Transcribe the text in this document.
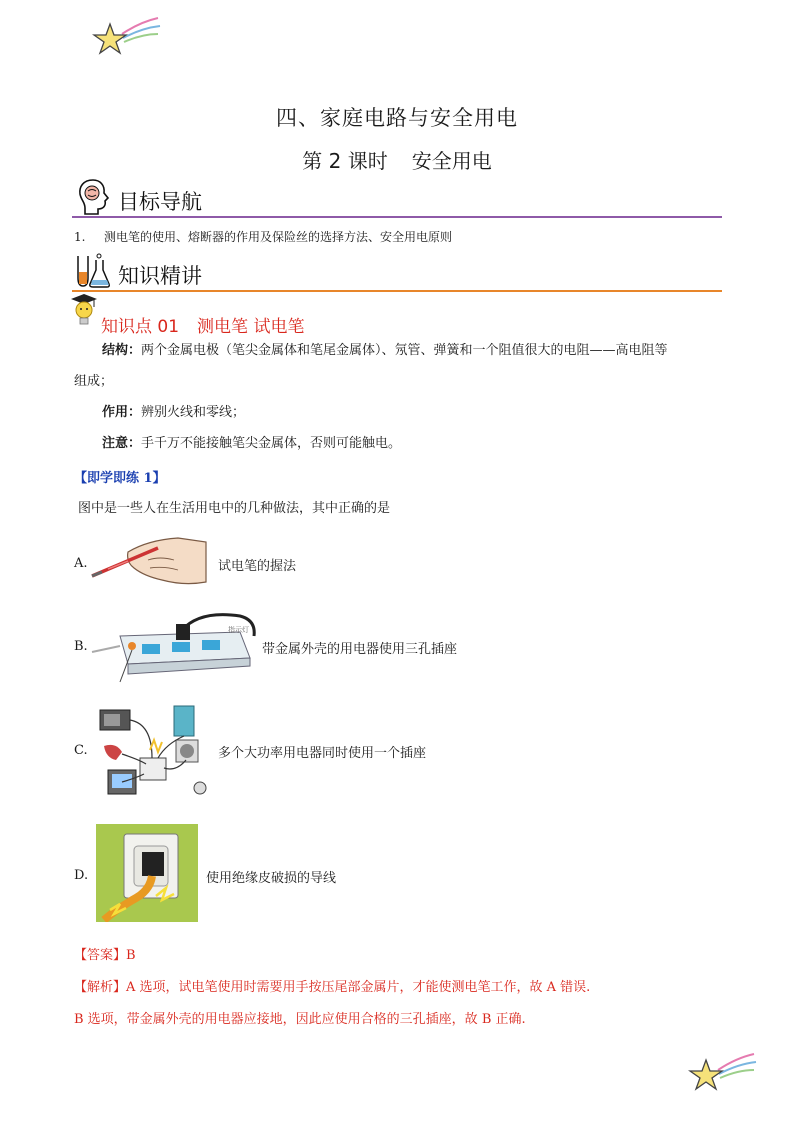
四、家庭电路与安全用电
第 2 课时 安全用电
目标导航
1. 测电笔的使用、熔断器的作用及保险丝的选择方法、安全用电原则
知识精讲
知识点 01 测电笔 试电笔
结构：两个金属电极（笔尖金属体和笔尾金属体）、氖管、弹簧和一个阻值很大的电阻——高电阻等
组成；
作用：辨别火线和零线；
注意：手千万不能接触笔尖金属体，否则可能触电。
【即学即练 1】
图中是一些人在生活用电中的几种做法，其中正确的是
A.	试电笔的握法
B.
指示灯
带金属外壳的用电器使用三孔插座
C.	多个大功率用电器同时使用一个插座
D.	使用绝缘皮破损的导线
【答案】B
【解析】A 选项，试电笔使用时需要用手按压尾部金属片，才能使测电笔工作，故 A 错误.
B 选项，带金属外壳的用电器应接地，因此应使用合格的三孔插座，故 B 正确.
